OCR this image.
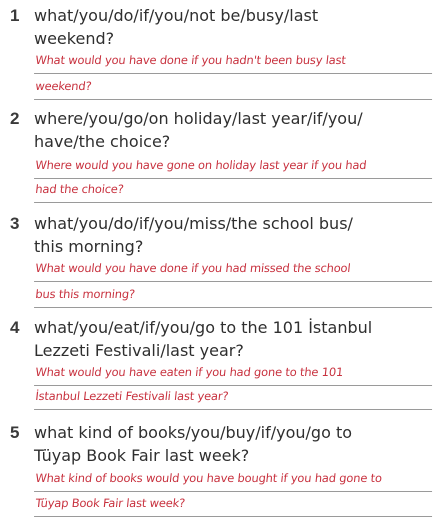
1 what/you/do/if/you/not be/busy/last
weekend?
What would you have done if you hadn't been busy last
weekend?
2 where/you/go/on holiday/last year/if/you/
have/the choice?
Where would you have gone on holiday last year if you had
had the choice?
3 what/you/do/if/you/miss/the school bus/
this morning?
What would you have done if you had missed the school
bus this morning?
4 what/you/eat/if/you/go to the 101 İstanbul
Lezzeti Festivali/last year?
What would you have eaten if you had gone to the 101
İstanbul Lezzeti Festivali last year?
5 what kind of books/you/buy/if/you/go to
Tüyap Book Fair last week?
What kind of books would you have bought if you had gone to
Tüyap Book Fair last week?
